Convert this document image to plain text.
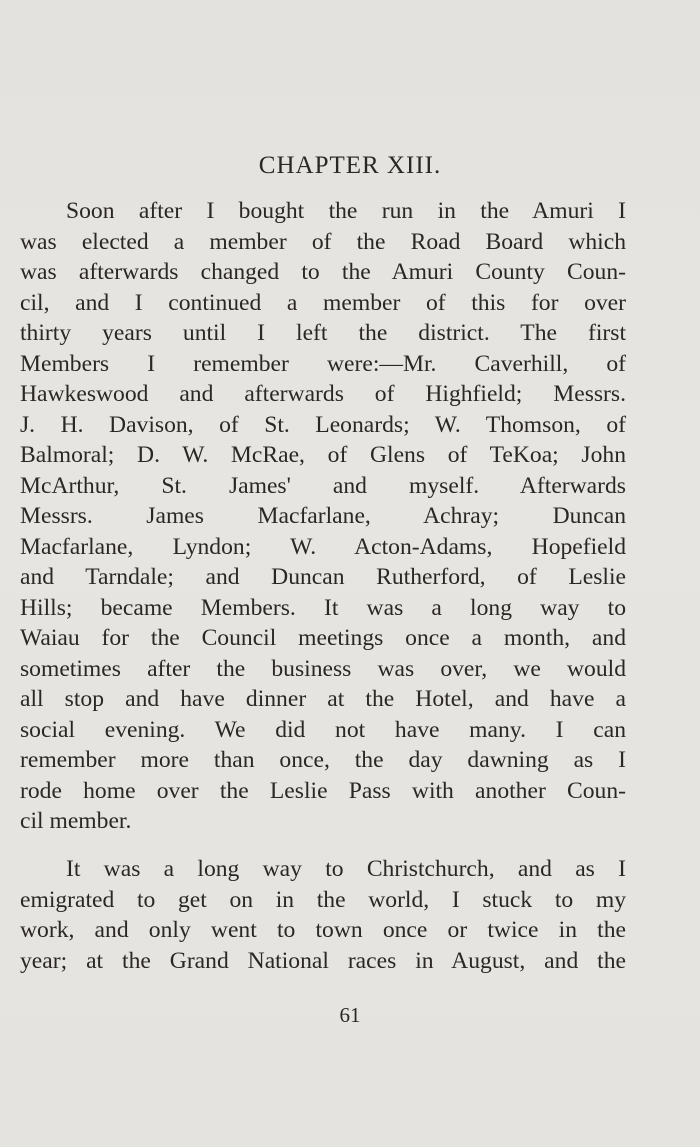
CHAPTER XIII.
Soon after I bought the run in the Amuri I
was elected a member of the Road Board which
was afterwards changed to the Amuri County Coun-
cil, and I continued a member of this for over
thirty years until I left the district. The first
Members I remember were:—Mr. Caverhill, of
Hawkeswood and afterwards of Highfield; Messrs.
J. H. Davison, of St. Leonards; W. Thomson, of
Balmoral; D. W. McRae, of Glens of TeKoa; John
McArthur, St. James' and myself. Afterwards
Messrs. James Macfarlane, Achray; Duncan
Macfarlane, Lyndon; W. Acton-Adams, Hopefield
and Tarndale; and Duncan Rutherford, of Leslie
Hills; became Members. It was a long way to
Waiau for the Council meetings once a month, and
sometimes after the business was over, we would
all stop and have dinner at the Hotel, and have a
social evening. We did not have many. I can
remember more than once, the day dawning as I
rode home over the Leslie Pass with another Coun-
cil member.
It was a long way to Christchurch, and as I
emigrated to get on in the world, I stuck to my
work, and only went to town once or twice in the
year; at the Grand National races in August, and the

61
